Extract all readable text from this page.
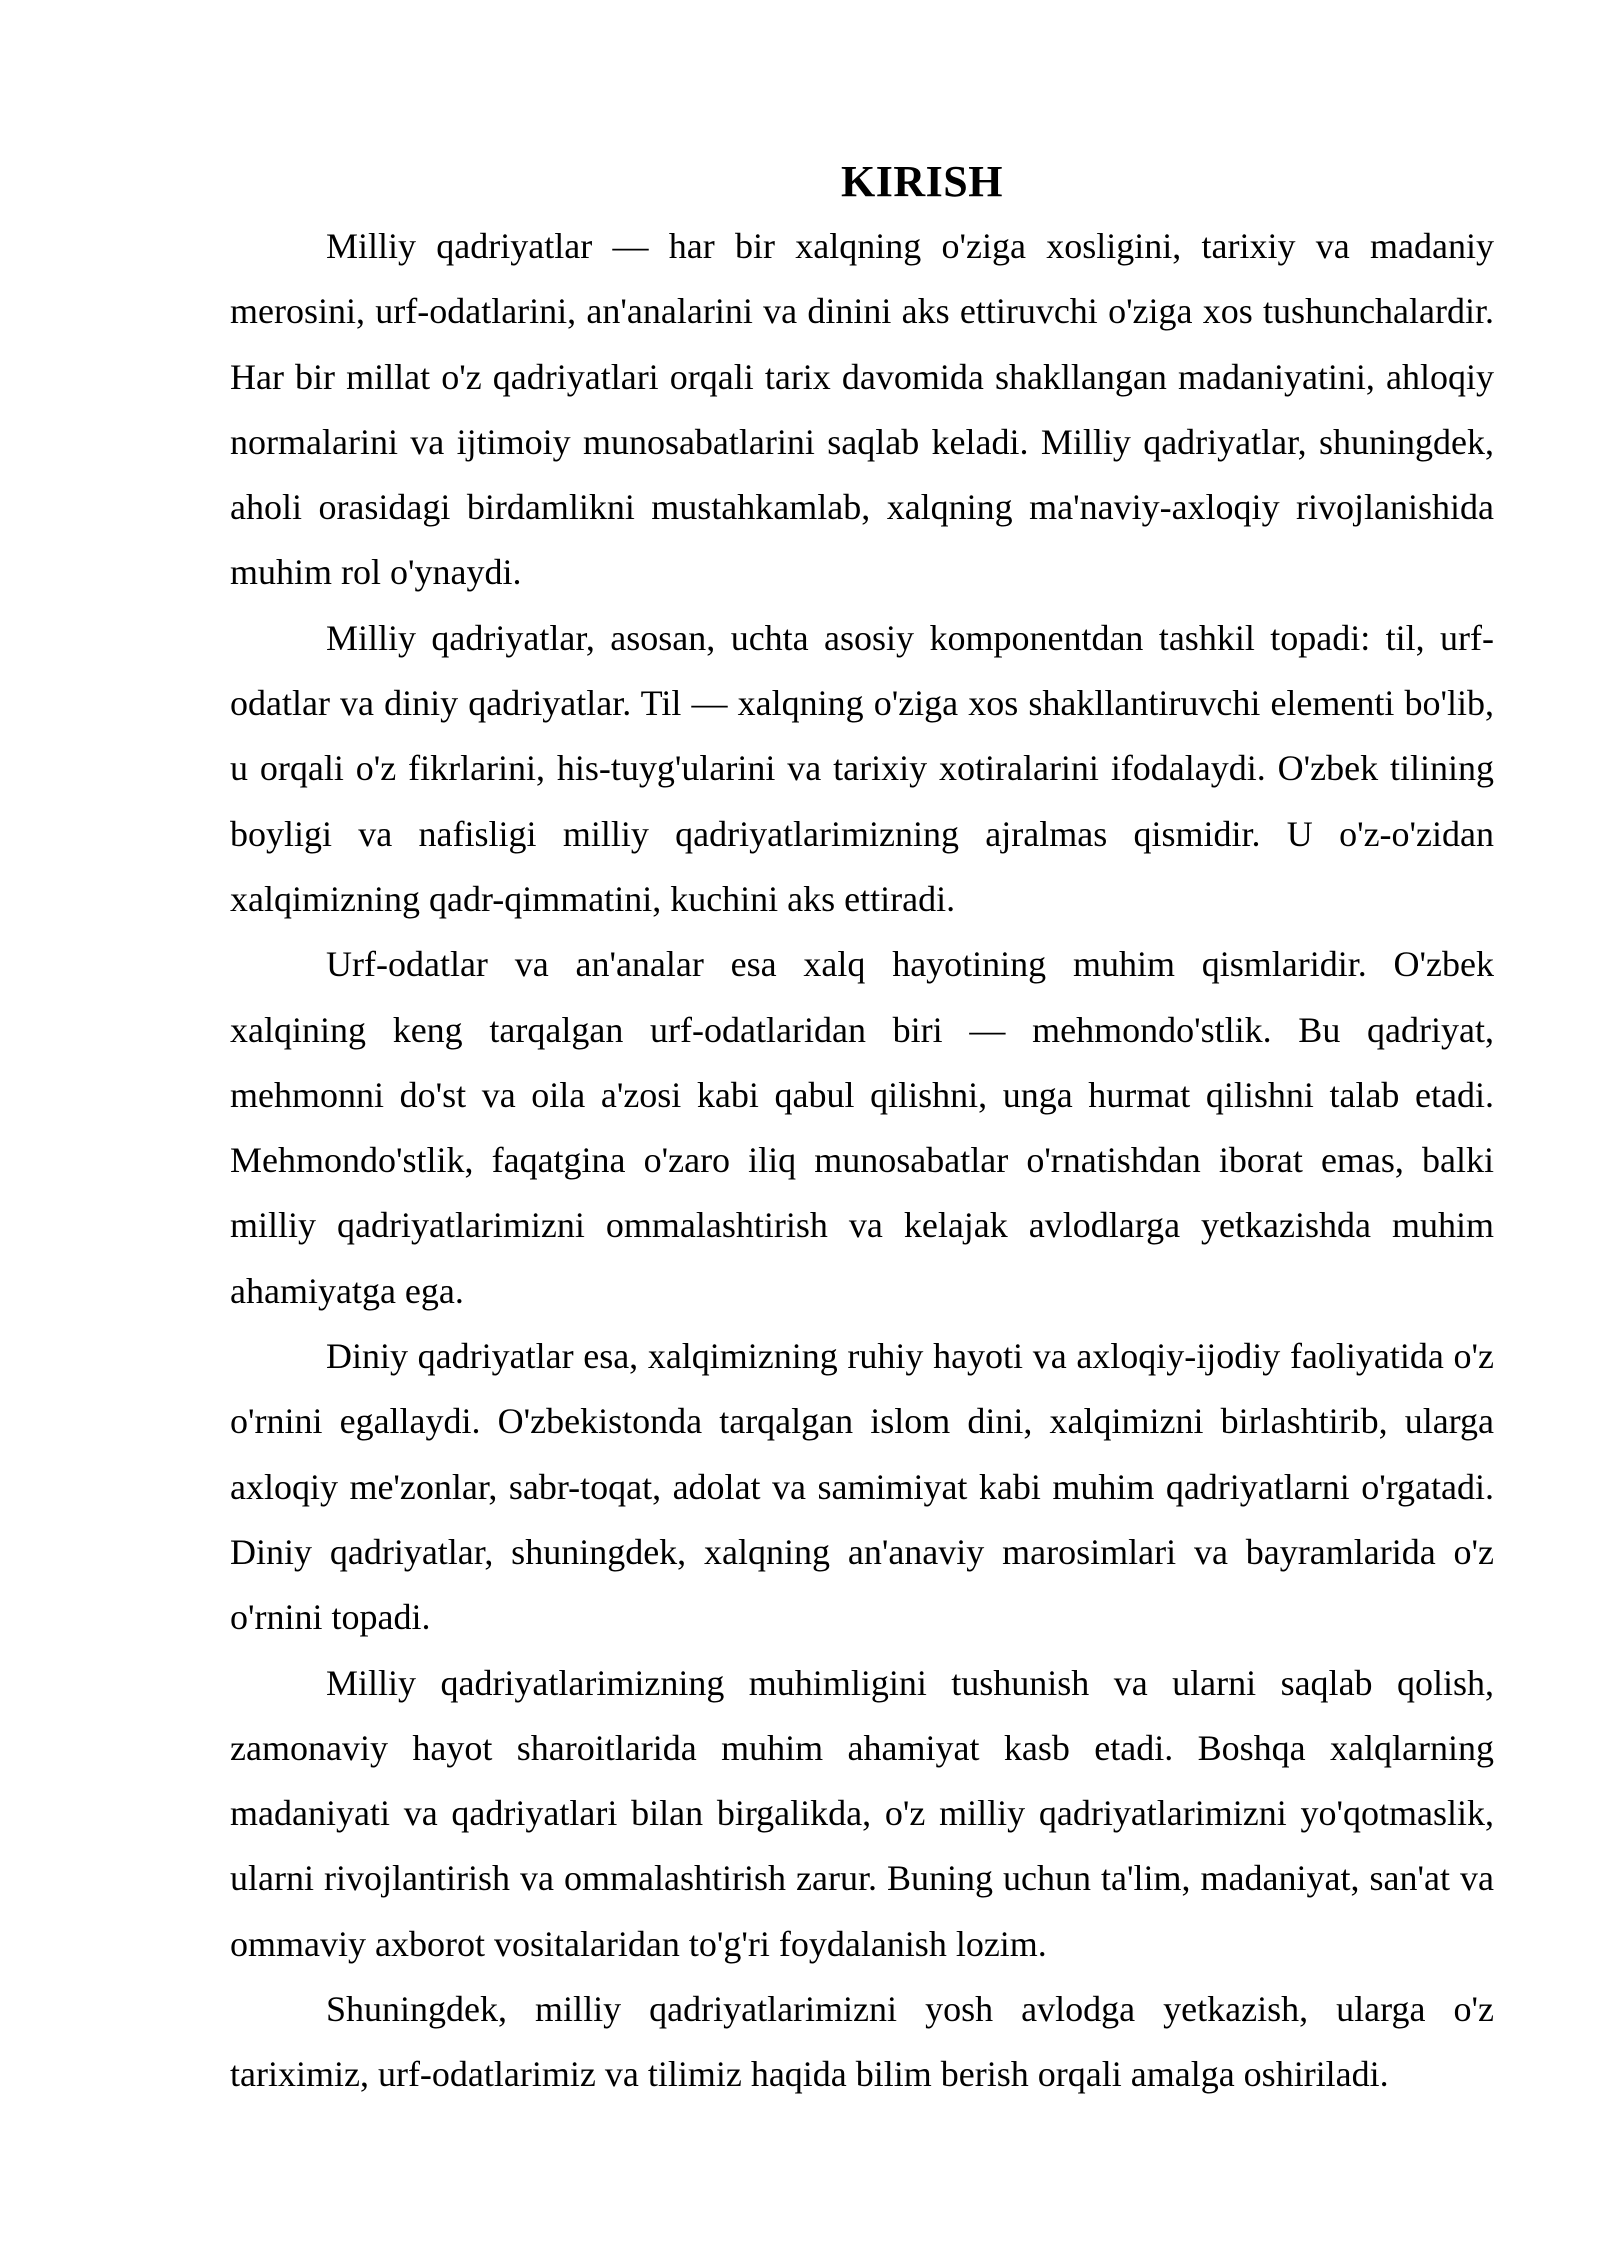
KIRISH

Milliy qadriyatlar — har bir xalqning o'ziga xosligini, tarixiy va madaniy merosini, urf-odatlarini, an'analarini va dinini aks ettiruvchi o'ziga xos tushunchalardir. Har bir millat o'z qadriyatlari orqali tarix davomida shakllangan madaniyatini, ahloqiy normalarini va ijtimoiy munosabatlarini saqlab keladi. Milliy qadriyatlar, shuningdek, aholi orasidagi birdamlikni mustahkamlab, xalqning ma'naviy-axloqiy rivojlanishida muhim rol o'ynaydi.

Milliy qadriyatlar, asosan, uchta asosiy komponentdan tashkil topadi: til, urf-odatlar va diniy qadriyatlar. Til — xalqning o'ziga xos shakllantiruvchi elementi bo'lib, u orqali o'z fikrlarini, his-tuyg'ularini va tarixiy xotiralarini ifodalaydi. O'zbek tilining boyligi va nafisligi milliy qadriyatlarimizning ajralmas qismidir. U o'z-o'zidan xalqimizning qadr-qimmatini, kuchini aks ettiradi.

Urf-odatlar va an'analar esa xalq hayotining muhim qismlaridir. O'zbek xalqining keng tarqalgan urf-odatlaridan biri — mehmondo'stlik. Bu qadriyat, mehmonni do'st va oila a'zosi kabi qabul qilishni, unga hurmat qilishni talab etadi. Mehmondo'stlik, faqatgina o'zaro iliq munosabatlar o'rnatishdan iborat emas, balki milliy qadriyatlarimizni ommalashtirish va kelajak avlodlarga yetkazishda muhim ahamiyatga ega.

Diniy qadriyatlar esa, xalqimizning ruhiy hayoti va axloqiy-ijodiy faoliyatida o'z o'rnini egallaydi. O'zbekistonda tarqalgan islom dini, xalqimizni birlashtirib, ularga axloqiy me'zonlar, sabr-toqat, adolat va samimiyat kabi muhim qadriyatlarni o'rgatadi. Diniy qadriyatlar, shuningdek, xalqning an'anaviy marosimlari va bayramlarida o'z o'rnini topadi.

Milliy qadriyatlarimizning muhimligini tushunish va ularni saqlab qolish, zamonaviy hayot sharoitlarida muhim ahamiyat kasb etadi. Boshqa xalqlarning madaniyati va qadriyatlari bilan birgalikda, o'z milliy qadriyatlarimizni yo'qotmaslik, ularni rivojlantirish va ommalashtirish zarur. Buning uchun ta'lim, madaniyat, san'at va ommaviy axborot vositalaridan to'g'ri foydalanish lozim.

Shuningdek, milliy qadriyatlarimizni yosh avlodga yetkazish, ularga o'z tariximiz, urf-odatlarimiz va tilimiz haqida bilim berish orqali amalga oshiriladi.
